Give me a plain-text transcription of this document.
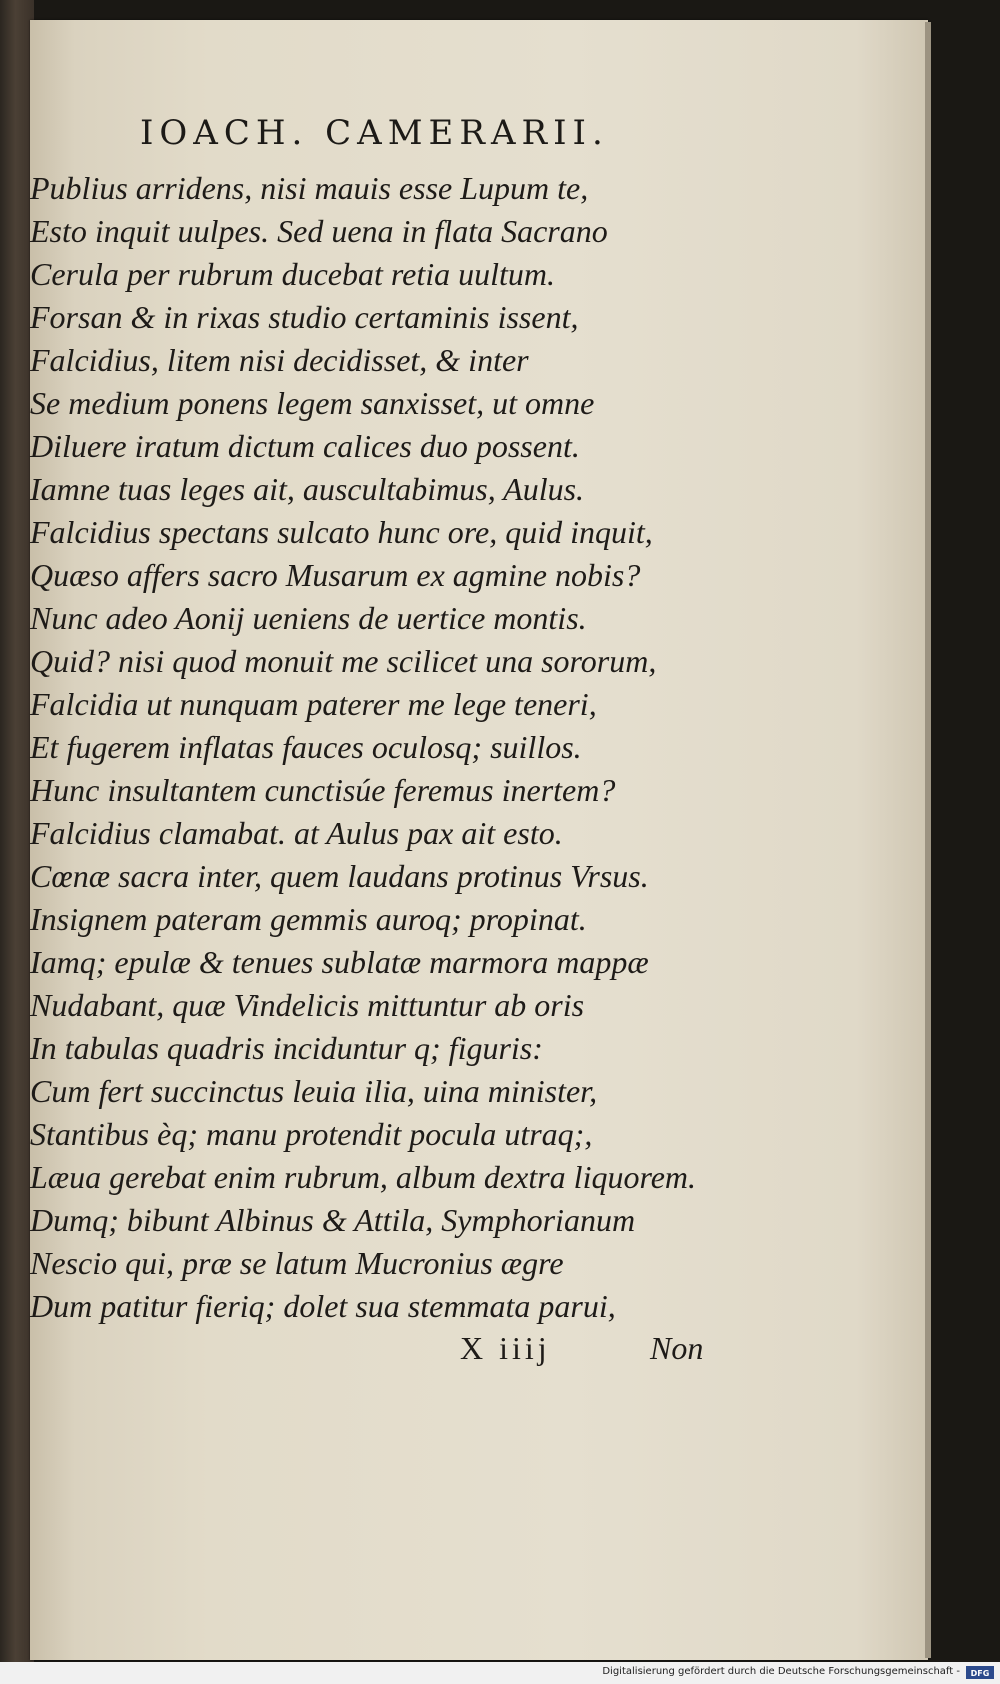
IOACH. CAMERARII.
Publius arridens, nisi mauis esse Lupum te,
Esto inquit uulpes. Sed uena in flata Sacrano
Cerula per rubrum ducebat retia uultum.
Forsan & in rixas studio certaminis issent,
Falcidius, litem nisi decidisset, & inter
Se medium ponens legem sanxisset, ut omne
Diluere iratum dictum calices duo possent.
Iamne tuas leges ait, auscultabimus, Aulus.
Falcidius spectans sulcato hunc ore, quid inquit,
Quæso affers sacro Musarum ex agmine nobis?
Nunc adeo Aonij ueniens de uertice montis.
Quid? nisi quod monuit me scilicet una sororum,
Falcidia ut nunquam paterer me lege teneri,
Et fugerem inflatas fauces oculosq; suillos.
Hunc insultantem cunctisúe feremus inertem?
Falcidius clamabat. at Aulus pax ait esto.
Cœnæ sacra inter, quem laudans protinus Vrsus.
Insignem pateram gemmis auroq; propinat.
Iamq; epulæ & tenues sublatæ marmora mappæ
Nudabant, quæ Vindelicis mittuntur ab oris
In tabulas quadris inciduntur q; figuris:
Cum fert succinctus leuia ilia, uina minister,
Stantibus èq; manu protendit pocula utraq;,
Læua gerebat enim rubrum, album dextra liquorem.
Dumq; bibunt Albinus & Attila, Symphorianum
Nescio qui, præ se latum Mucronius ægre
Dum patitur fieriq; dolet sua stemmata parui,
X iiij	Non
Digitalisierung gefördert durch die Deutsche Forschungsgemeinschaft - DFG
